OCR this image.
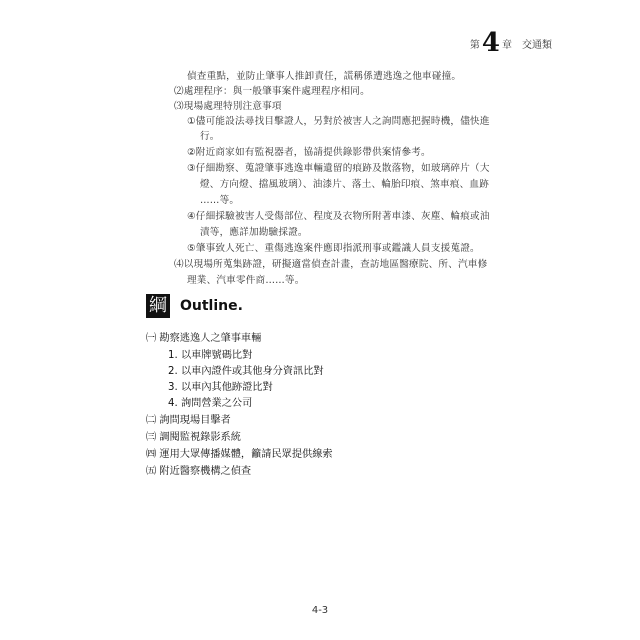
第 4 章 交通類
偵查重點，並防止肇事人推卸責任，謊稱係遭逃逸之他車碰撞。
⑵處理程序：與一般肇事案件處理程序相同。
⑶現場處理特別注意事項
①儘可能設法尋找目擊證人，另對於被害人之詢問應把握時機，儘快進
行。
②附近商家如有監視器者，協請提供錄影帶供案情參考。
③仔細勘察、蒐證肇事逃逸車輛遺留的痕跡及散落物，如玻璃碎片（大
燈、方向燈、擋風玻璃）、油漆片、落土、輪胎印痕、煞車痕、血跡
……等。
④仔細採驗被害人受傷部位、程度及衣物所附著車漆、灰塵、輪痕或油
漬等，應詳加勘驗採證。
⑤肇事致人死亡、重傷逃逸案件應即指派刑事或鑑識人員支援蒐證。
⑷以現場所蒐集跡證，研擬適當偵查計畫，查訪地區醫療院、所、汽車修
理業、汽車零件商……等。
綱 Outline.
㈠ 勘察逃逸人之肇事車輛
1. 以車牌號碼比對
2. 以車內證件或其他身分資訊比對
3. 以車內其他跡證比對
4. 詢問營業之公司
㈡ 詢問現場目擊者
㈢ 調閱監視錄影系統
㈣ 運用大眾傳播媒體，籲請民眾提供線索
㈤ 附近醫察機構之偵查
4-3
